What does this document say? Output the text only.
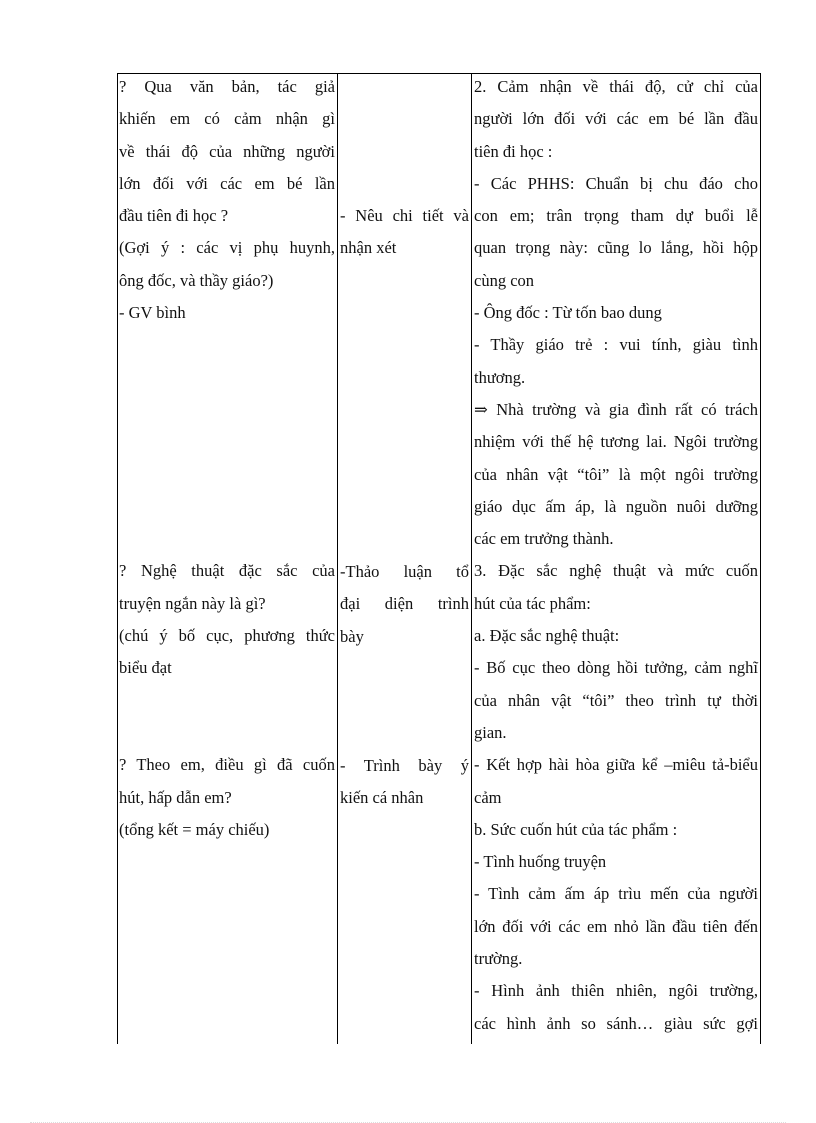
? Qua văn bản, tác giả

khiến em có cảm nhận gì

về thái độ của những người

lớn đối với các em bé lần

đầu tiên đi học ?

(Gợi ý : các vị phụ huynh,

ông đốc, và thầy giáo?)

- GV bình

? Nghệ thuật đặc sắc của

truyện ngắn này là gì?

(chú ý bố cục, phương thức

biểu đạt

? Theo em, điều gì đã cuốn

hút, hấp dẫn em?

(tổng kết = máy chiếu)

- Nêu chi tiết và

nhận xét

-Thảo luận tổ

đại diện trình

bày

- Trình bày ý

kiến cá nhân

2. Cảm nhận về thái độ, cử chỉ của

người lớn đối với các em bé lần đầu

tiên đi học :

- Các PHHS: Chuẩn bị chu đáo cho

con em; trân trọng tham dự buổi lễ

quan trọng này: cũng lo lắng, hồi hộp

cùng con

- Ông đốc : Từ tốn bao dung

- Thầy giáo trẻ : vui tính, giàu tình

thương.

⇒ Nhà trường và gia đình rất có trách

nhiệm với thế hệ tương lai. Ngôi trường

của nhân vật “tôi” là một ngôi trường

giáo dục ấm áp, là nguồn nuôi dưỡng

các em trưởng thành.

3. Đặc sắc nghệ thuật và mức cuốn

hút của tác phẩm:

a. Đặc sắc nghệ thuật:

- Bố cục theo dòng hồi tưởng, cảm nghĩ

của nhân vật “tôi” theo trình tự thời

gian.

- Kết hợp hài hòa giữa kể –miêu tả-biểu

cảm

b. Sức cuốn hút của tác phẩm :

- Tình huống truyện

- Tình cảm ấm áp trìu mến của người

lớn đối với các em nhỏ lần đầu tiên đến

trường.

- Hình ảnh thiên nhiên, ngôi trường,

các hình ảnh so sánh… giàu sức gợi
